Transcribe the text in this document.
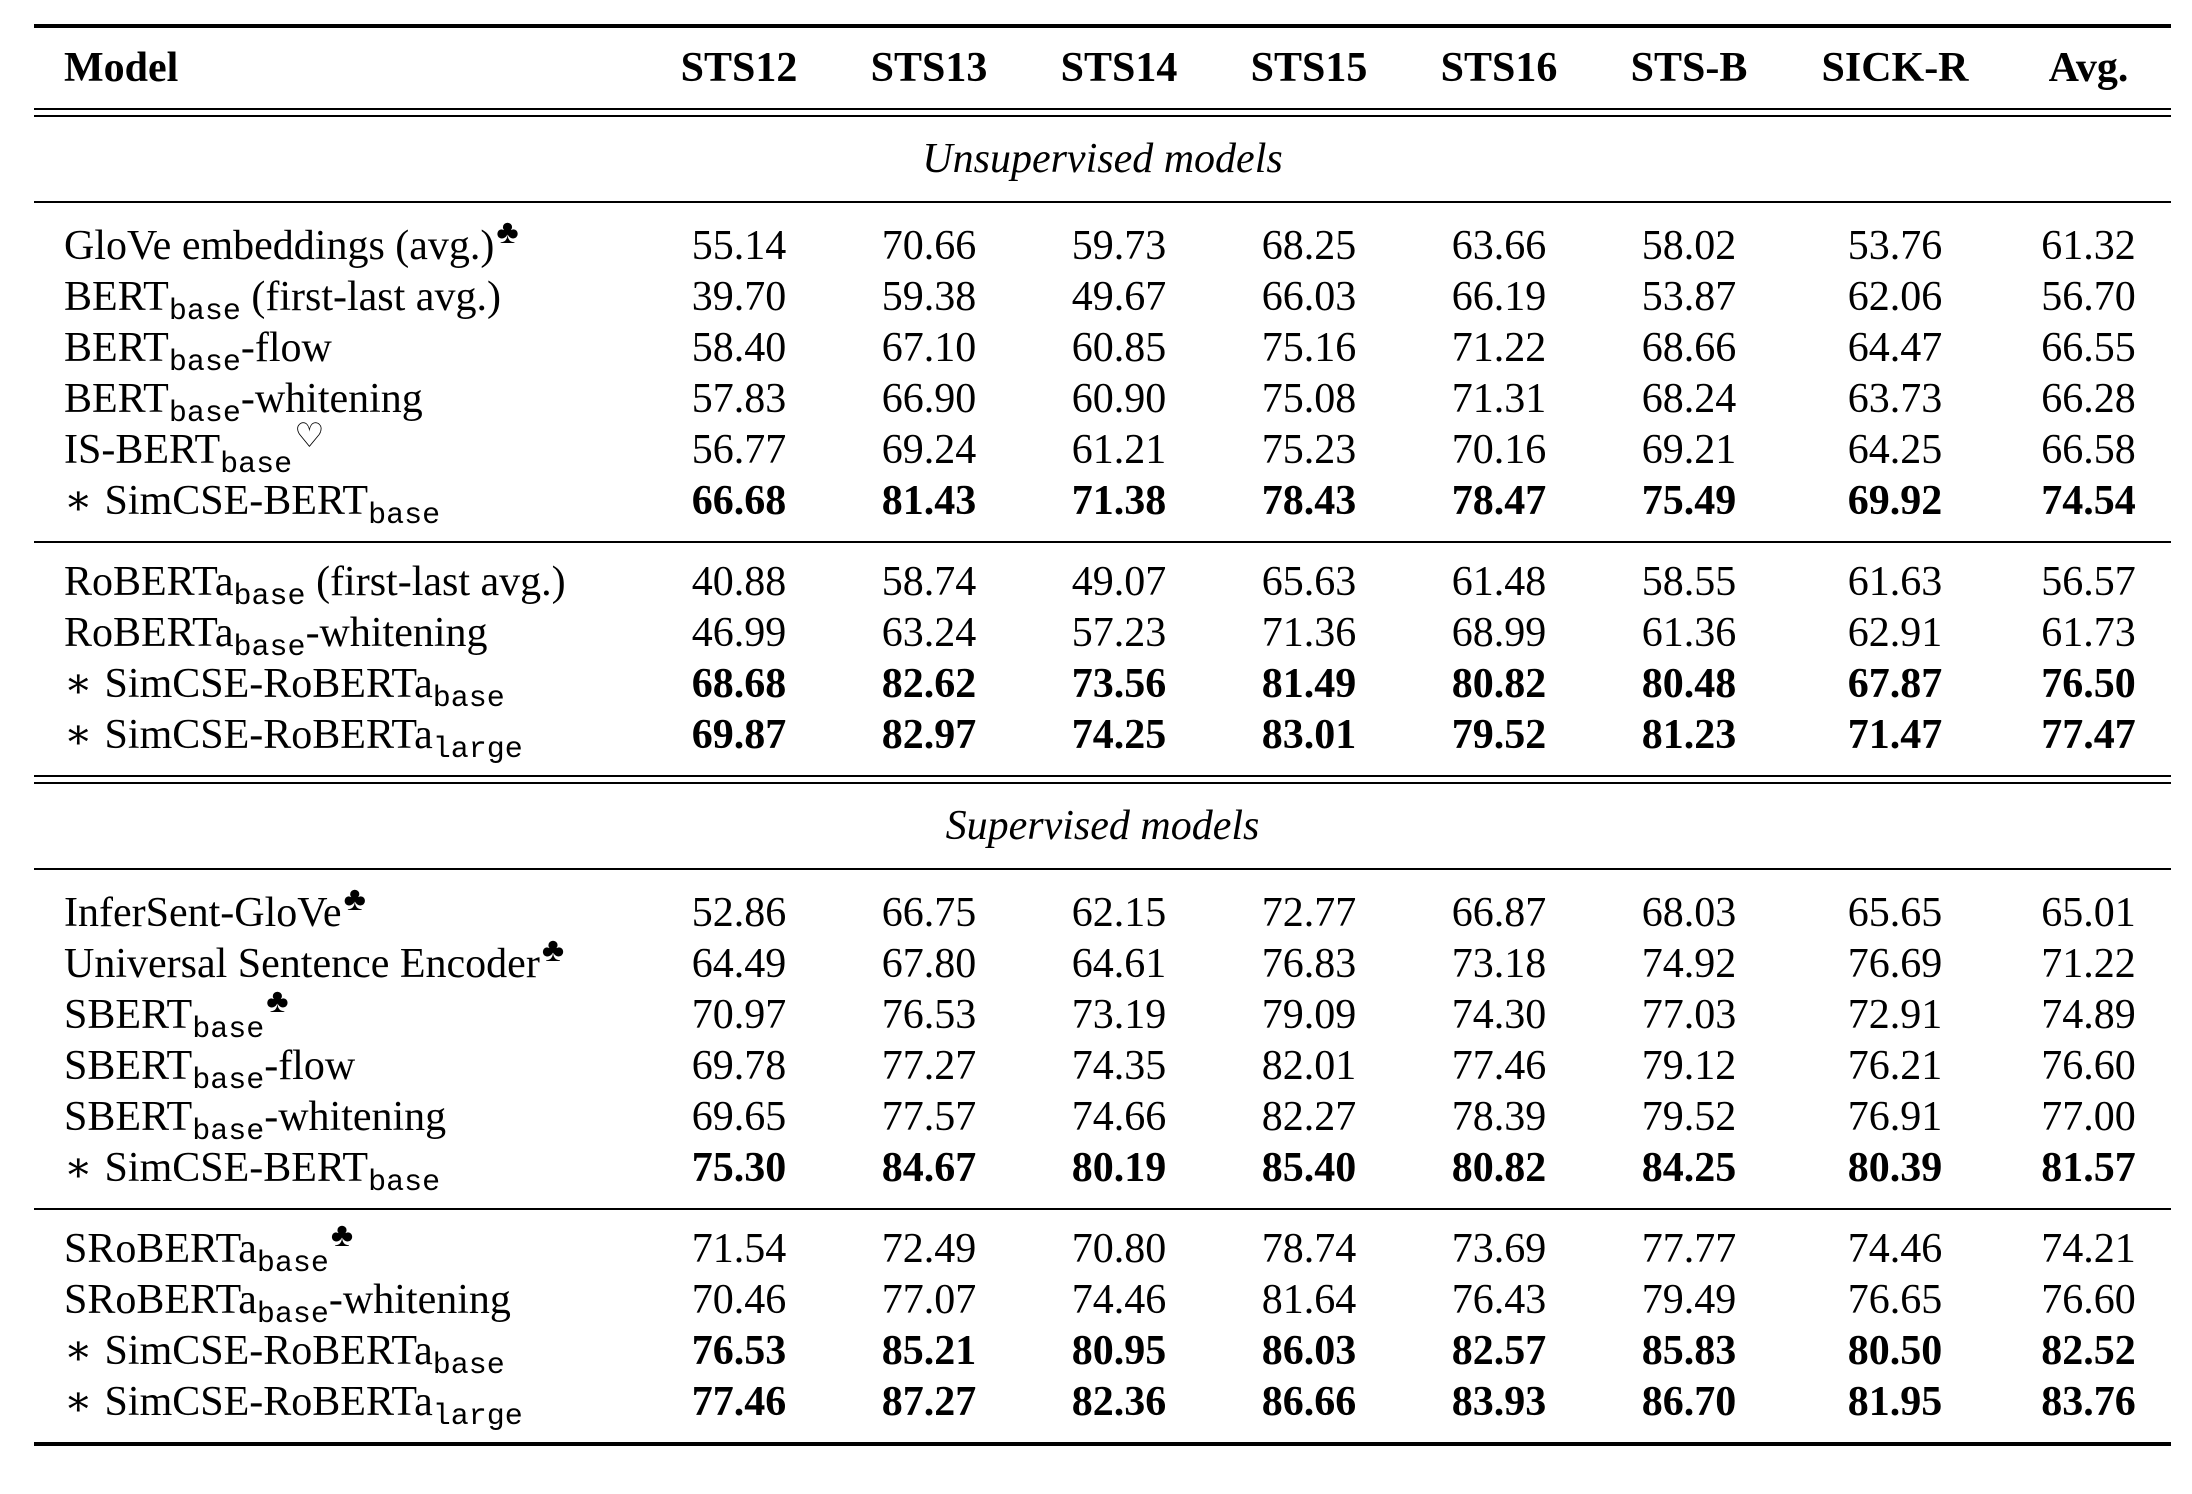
Model	STS12	STS13	STS14	STS15	STS16	STS-B	SICK-R	Avg.
Unsupervised models
GloVe embeddings (avg.)♣	55.14	70.66	59.73	68.25	63.66	58.02	53.76	61.32
$BERT_{base}$ (first-last avg.)	39.70	59.38	49.67	66.03	66.19	53.87	62.06	56.70
$BERT_{base}$-flow	58.40	67.10	60.85	75.16	71.22	68.66	64.47	66.55
$BERT_{base}$-whitening	57.83	66.90	60.90	75.08	71.31	68.24	63.73	66.28
$IS-BERT_{base}^♡$	56.77	69.24	61.21	75.23	70.16	69.21	64.25	66.58
∗ SimCSE-$BERT_{base}$	66.68	81.43	71.38	78.43	78.47	75.49	69.92	74.54
RoBERTa$_{base}$ (first-last avg.)	40.88	58.74	49.07	65.63	61.48	58.55	61.63	56.57
RoBERTa$_{base}$-whitening	46.99	63.24	57.23	71.36	68.99	61.36	62.91	61.73
∗ SimCSE-RoBERTa$_{base}$	68.68	82.62	73.56	81.49	80.82	80.48	67.87	76.50
∗ SimCSE-RoBERTa$_{large}$	69.87	82.97	74.25	83.01	79.52	81.23	71.47	77.47
Supervised models
InferSent-GloVe♣	52.86	66.75	62.15	72.77	66.87	68.03	65.65	65.01
Universal Sentence Encoder♣	64.49	67.80	64.61	76.83	73.18	74.92	76.69	71.22
$SBERT_{base}^♣$	70.97	76.53	73.19	79.09	74.30	77.03	72.91	74.89
$SBERT_{base}$-flow	69.78	77.27	74.35	82.01	77.46	79.12	76.21	76.60
$SBERT_{base}$-whitening	69.65	77.57	74.66	82.27	78.39	79.52	76.91	77.00
∗ SimCSE-$BERT_{base}$	75.30	84.67	80.19	85.40	80.82	84.25	80.39	81.57
SRoBERTa$_{base}$♣	71.54	72.49	70.80	78.74	73.69	77.77	74.46	74.21
SRoBERTa$_{base}$-whitening	70.46	77.07	74.46	81.64	76.43	79.49	76.65	76.60
∗ SimCSE-RoBERTa$_{base}$	76.53	85.21	80.95	86.03	82.57	85.83	80.50	82.52
∗ SimCSE-RoBERTa$_{large}$	77.46	87.27	82.36	86.66	83.93	86.70	81.95	83.76
